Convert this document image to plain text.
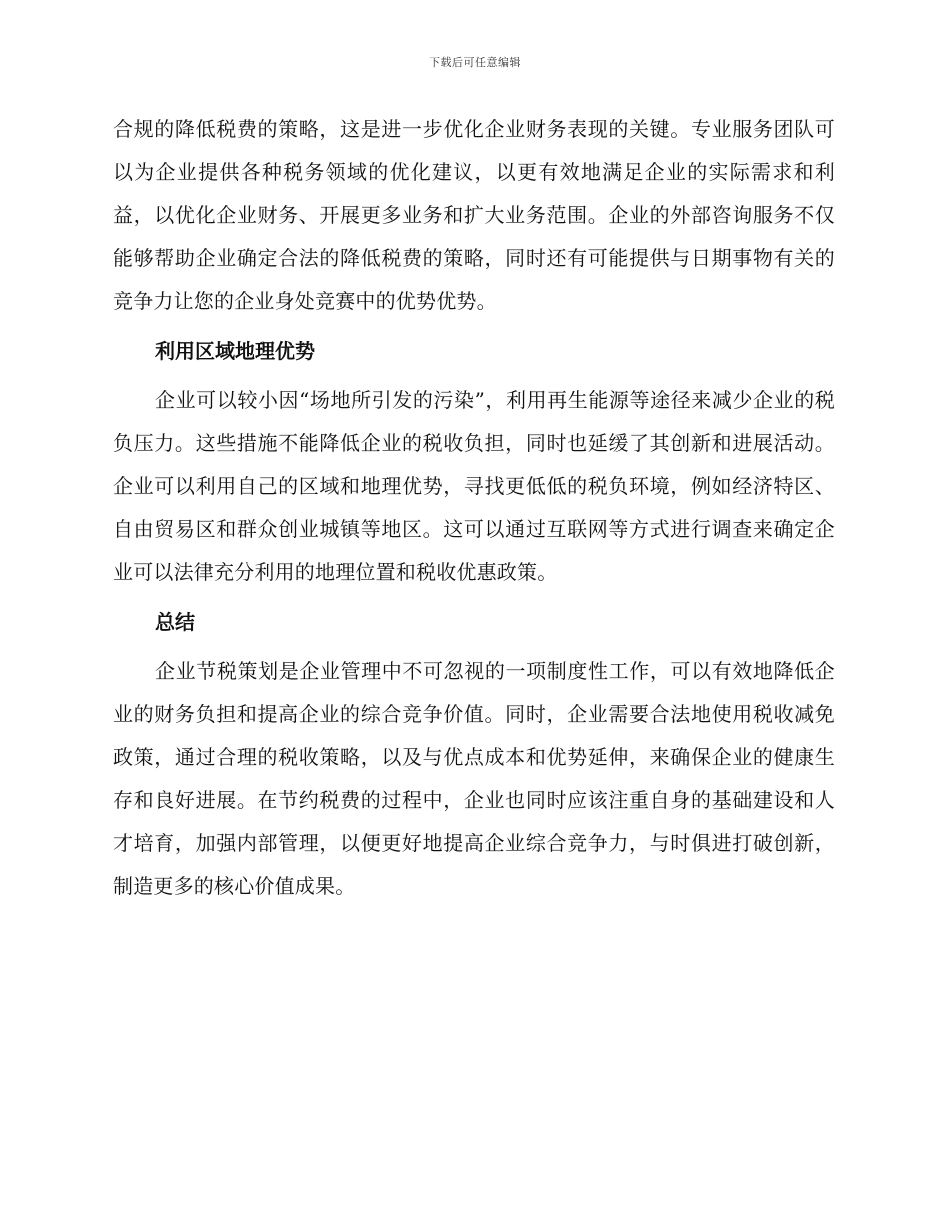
下载后可任意编辑

合规的降低税费的策略，这是进一步优化企业财务表现的关键。专业服务团队可以为企业提供各种税务领域的优化建议，以更有效地满足企业的实际需求和利益，以优化企业财务、开展更多业务和扩大业务范围。企业的外部咨询服务不仅能够帮助企业确定合法的降低税费的策略，同时还有可能提供与日期事物有关的竞争力让您的企业身处竞赛中的优势优势。

利用区域地理优势

企业可以较小因“场地所引发的污染”，利用再生能源等途径来减少企业的税负压力。这些措施不能降低企业的税收负担，同时也延缓了其创新和进展活动。企业可以利用自己的区域和地理优势，寻找更低低的税负环境，例如经济特区、自由贸易区和群众创业城镇等地区。这可以通过互联网等方式进行调查来确定企业可以法律充分利用的地理位置和税收优惠政策。

总结

企业节税策划是企业管理中不可忽视的一项制度性工作，可以有效地降低企业的财务负担和提高企业的综合竞争价值。同时，企业需要合法地使用税收减免政策，通过合理的税收策略，以及与优点成本和优势延伸，来确保企业的健康生存和良好进展。在节约税费的过程中，企业也同时应该注重自身的基础建设和人才培育，加强内部管理，以便更好地提高企业综合竞争力，与时俱进打破创新，制造更多的核心价值成果。
